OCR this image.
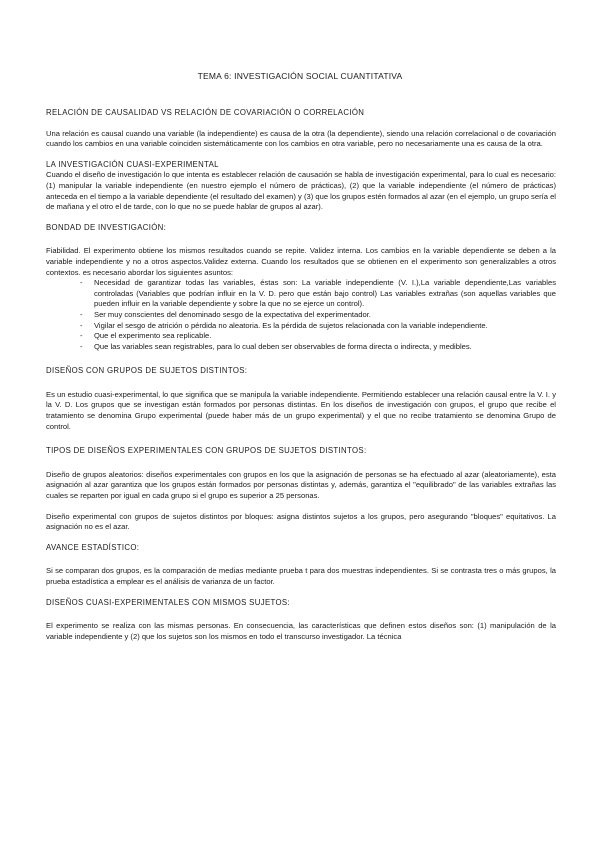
TEMA 6: INVESTIGACIÓN SOCIAL CUANTITATIVA
RELACIÓN DE CAUSALIDAD VS RELACIÓN DE COVARIACIÓN O CORRELACIÓN

Una relación es causal cuando una variable (la independiente) es causa de la otra (la dependiente), siendo una relación correlacional o de covariación cuando los cambios en una variable coinciden sistemáticamente con los cambios en otra variable, pero no necesariamente una es causa de la otra.

LA INVESTIGACIÓN CUASI-EXPERIMENTAL

Cuando el diseño de investigación lo que intenta es establecer relación de causación se habla de investigación experimental, para lo cual es necesario: (1) manipular la variable independiente (en nuestro ejemplo el número de prácticas), (2) que la variable independiente (el número de prácticas) anteceda en el tiempo a la variable dependiente (el resultado del examen) y (3) que los grupos estén formados al azar (en el ejemplo, un grupo sería el de mañana y el otro el de tarde, con lo que no se puede hablar de grupos al azar).

BONDAD DE INVESTIGACIÓN:

Fiabilidad. El experimento obtiene los mismos resultados cuando se repite. Validez interna. Los cambios en la variable dependiente se deben a la variable independiente y no a otros aspectos.Validez externa. Cuando los resultados que se obtienen en el experimento son generalizables a otros contextos. es necesario abordar los siguientes asuntos:

- Necesidad de garantizar todas las variables, éstas son: La variable independiente (V. I.),La variable dependiente,Las variables controladas (Variables que podrían influir en la V. D. pero que están bajo control) Las variables extrañas (son aquellas variables que pueden influir en la variable dependiente y sobre la que no se ejerce un control).
- Ser muy conscientes del denominado sesgo de la expectativa del experimentador.
- Vigilar el sesgo de atrición o pérdida no aleatoria. Es la pérdida de sujetos relacionada con la variable independiente.
- Que el experimento sea replicable.
- Que las variables sean registrables, para lo cual deben ser observables de forma directa o indirecta, y medibles.
DISEÑOS CON GRUPOS DE SUJETOS DISTINTOS:

Es un estudio cuasi-experimental, lo que significa que se manipula la variable independiente. Permitiendo establecer una relación causal entre la V. I. y la V. D. Los grupos que se investigan están formados por personas distintas. En los diseños de investigación con grupos, el grupo que recibe el tratamiento se denomina Grupo experimental (puede haber más de un grupo experimental) y el que no recibe tratamiento se denomina Grupo de control.

TIPOS DE DISEÑOS EXPERIMENTALES CON GRUPOS DE SUJETOS DISTINTOS:

Diseño de grupos aleatorios: diseños experimentales con grupos en los que la asignación de personas se ha efectuado al azar (aleatoriamente), esta asignación al azar garantiza que los grupos están formados por personas distintas y, además, garantiza el "equilibrado" de las variables extrañas las cuales se reparten por igual en cada grupo si el grupo es superior a 25 personas.

Diseño experimental con grupos de sujetos distintos por bloques: asigna distintos sujetos a los grupos, pero asegurando "bloques" equitativos. La asignación no es el azar.

AVANCE ESTADÍSTICO:

Si se comparan dos grupos, es la comparación de medias mediante prueba t para dos muestras independientes. Si se contrasta tres o más grupos, la prueba estadística a emplear es el análisis de varianza de un factor.

DISEÑOS CUASI-EXPERIMENTALES CON MISMOS SUJETOS:

El experimento se realiza con las mismas personas. En consecuencia, las características que definen estos diseños son: (1) manipulación de la variable independiente y (2) que los sujetos son los mismos en todo el transcurso investigador. La técnica
